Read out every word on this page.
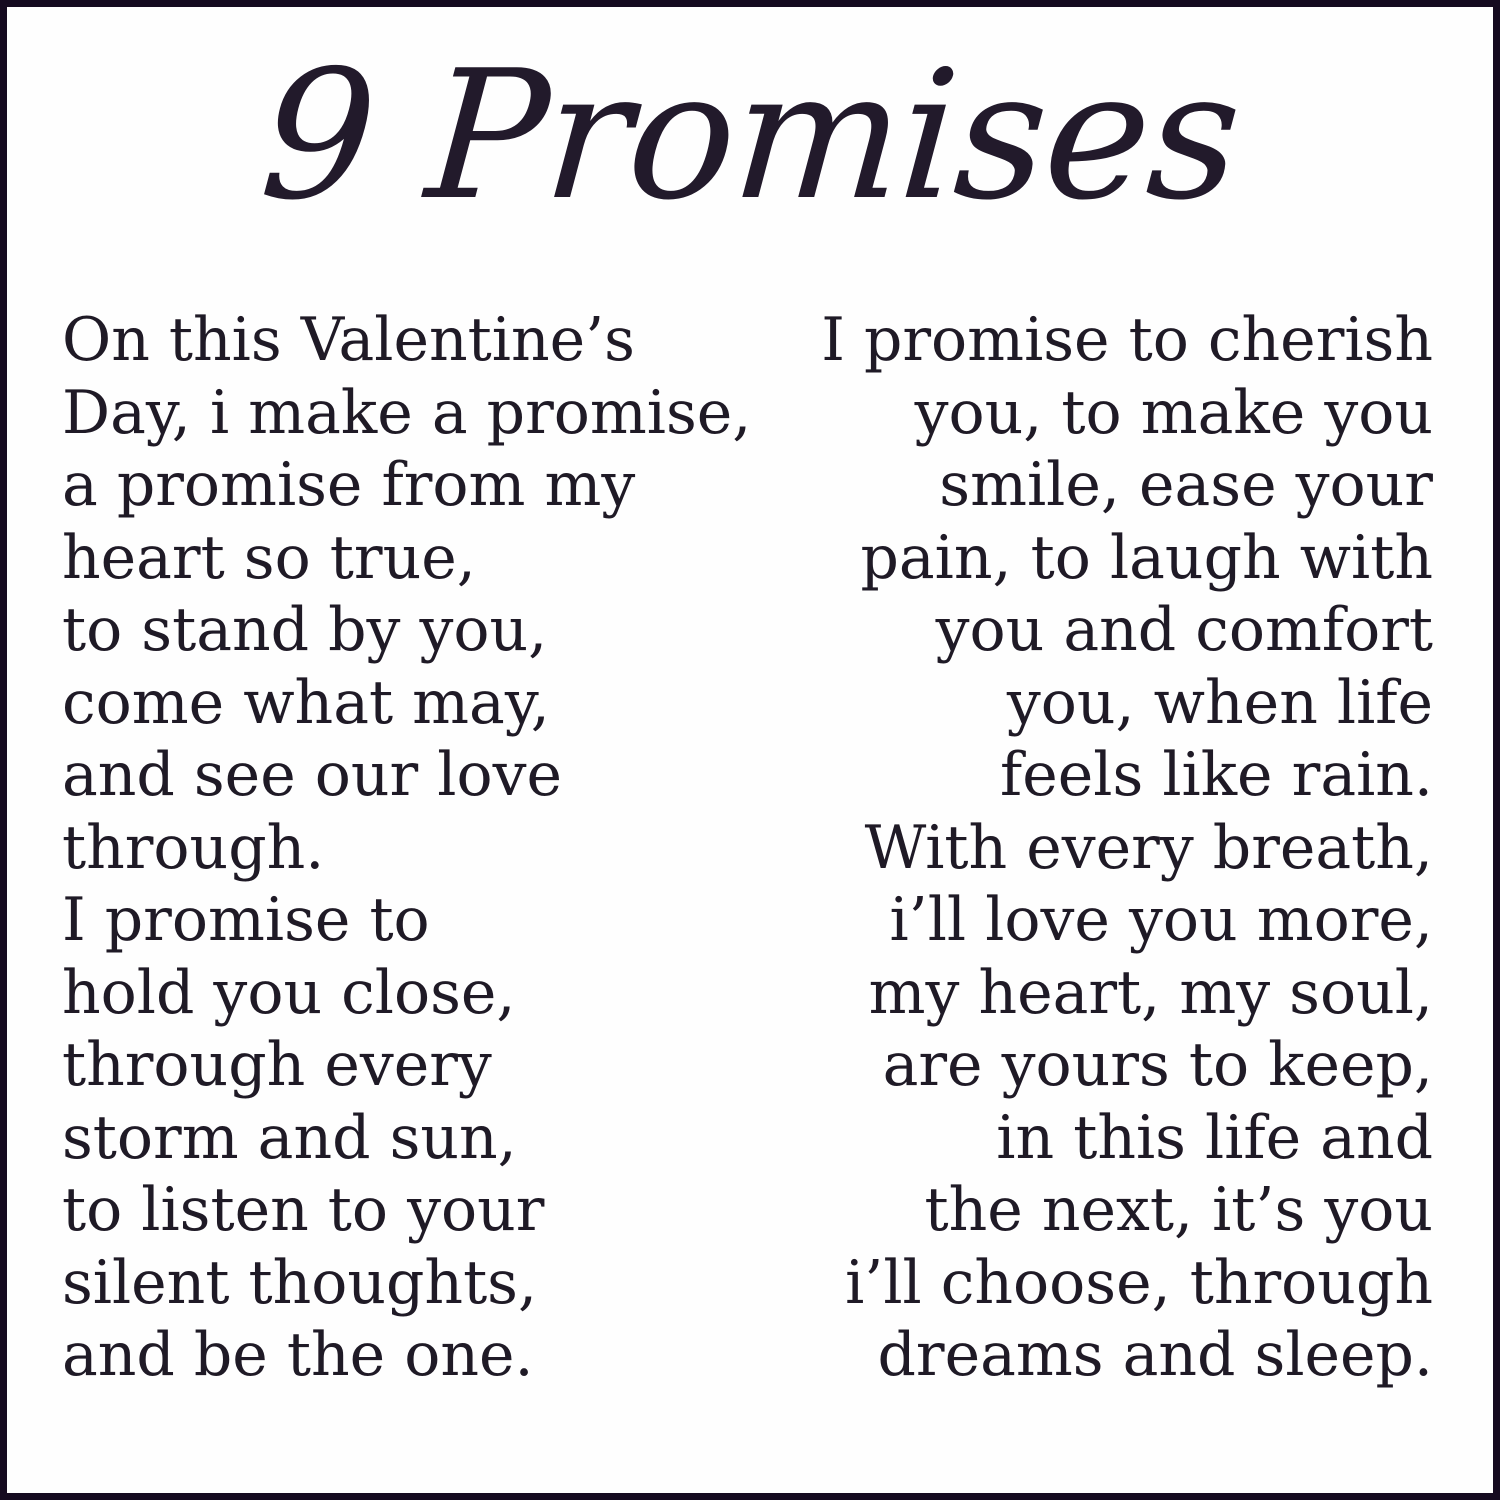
9 Promises
On this Valentine’s
Day, i make a promise,
a promise from my
heart so true,
to stand by you,
come what may,
and see our love
through.
I promise to
hold you close,
through every
storm and sun,
to listen to your
silent thoughts,
and be the one.
I promise to cherish
you, to make you
smile, ease your
pain, to laugh with
you and comfort
you, when life
feels like rain.
With every breath,
i’ll love you more,
my heart, my soul,
are yours to keep,
in this life and
the next, it’s you
i’ll choose, through
dreams and sleep.
